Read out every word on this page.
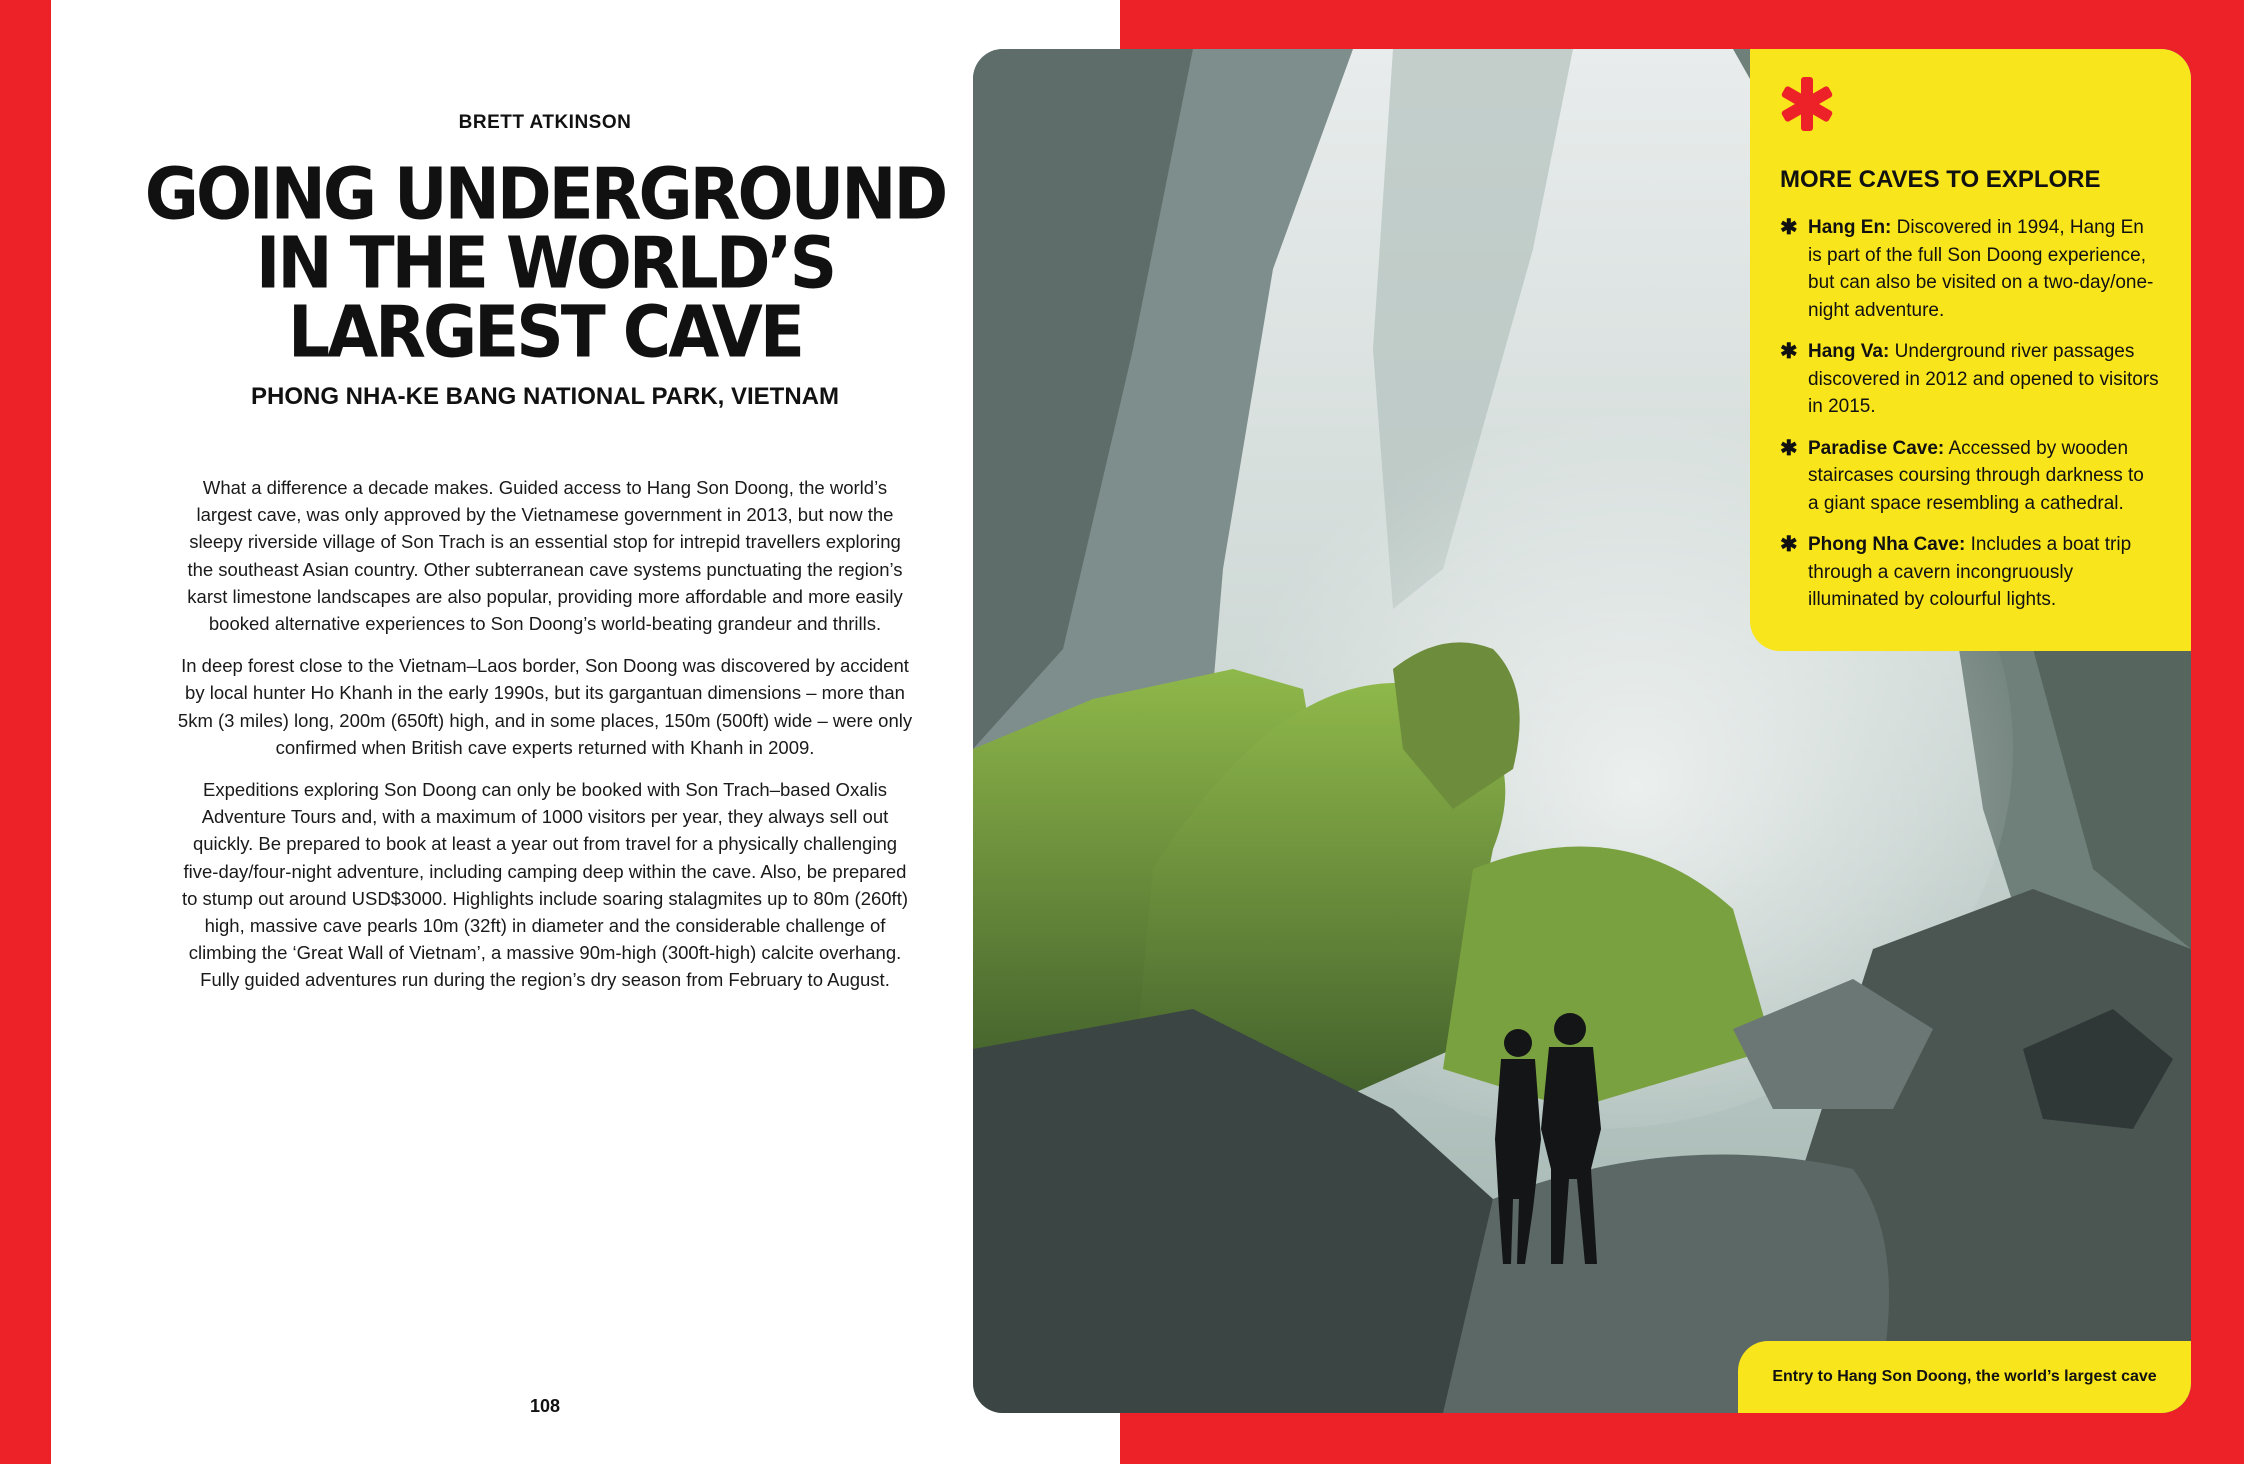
BRETT ATKINSON
GOING UNDERGROUND
IN THE WORLD’S
LARGEST CAVE
PHONG NHA-KE BANG NATIONAL PARK, VIETNAM

What a difference a decade makes. Guided access to Hang Son Doong, the world’s largest cave, was only approved by the Vietnamese government in 2013, but now the sleepy riverside village of Son Trach is an essential stop for intrepid travellers exploring the southeast Asian country. Other subterranean cave systems punctuating the region’s karst limestone landscapes are also popular, providing more affordable and more easily booked alternative experiences to Son Doong’s world-beating grandeur and thrills.

In deep forest close to the Vietnam–Laos border, Son Doong was discovered by accident by local hunter Ho Khanh in the early 1990s, but its gargantuan dimensions – more than 5km (3 miles) long, 200m (650ft) high, and in some places, 150m (500ft) wide – were only confirmed when British cave experts returned with Khanh in 2009.

Expeditions exploring Son Doong can only be booked with Son Trach–based Oxalis Adventure Tours and, with a maximum of 1000 visitors per year, they always sell out quickly. Be prepared to book at least a year out from travel for a physically challenging five-day/four-night adventure, including camping deep within the cave. Also, be prepared to stump out around USD$3000. Highlights include soaring stalagmites up to 80m (260ft) high, massive cave pearls 10m (32ft) in diameter and the considerable challenge of climbing the ‘Great Wall of Vietnam’, a massive 90m-high (300ft-high) calcite overhang. Fully guided adventures run during the region’s dry season from February to August.

108
MORE CAVES TO EXPLORE
✱ Hang En: Discovered in 1994, Hang En is part of the full Son Doong experience, but can also be visited on a two-day/one-night adventure.
✱ Hang Va: Underground river passages discovered in 2012 and opened to visitors in 2015.
✱ Paradise Cave: Accessed by wooden staircases coursing through darkness to a giant space resembling a cathedral.
✱ Phong Nha Cave: Includes a boat trip through a cavern incongruously illuminated by colourful lights.
Entry to Hang Son Doong, the world’s largest cave
